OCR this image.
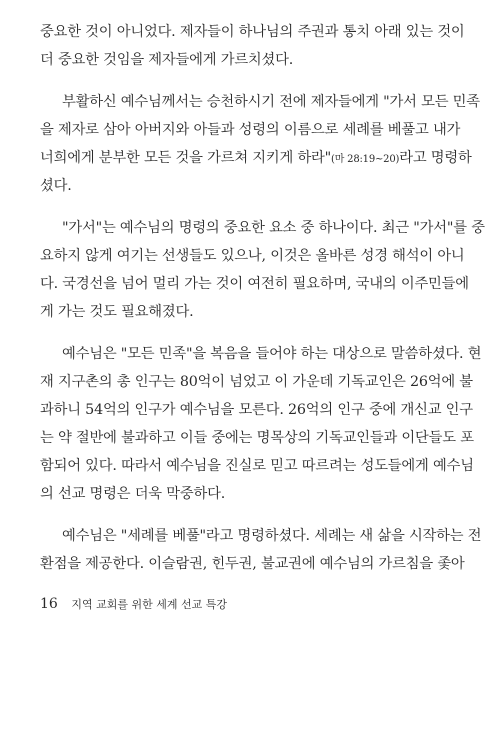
중요한 것이 아니었다. 제자들이 하나님의 주권과 통치 아래 있는 것이
더 중요한 것임을 제자들에게 가르치셨다.
부활하신 예수님께서는 승천하시기 전에 제자들에게 "가서 모든 민족
을 제자로 삼아 아버지와 아들과 성령의 이름으로 세례를 베풀고 내가
너희에게 분부한 모든 것을 가르쳐 지키게 하라"(마 28:19~20)라고 명령하
셨다.
"가서"는 예수님의 명령의 중요한 요소 중 하나이다. 최근 "가서"를 중
요하지 않게 여기는 선생들도 있으나, 이것은 올바른 성경 해석이 아니
다. 국경선을 넘어 멀리 가는 것이 여전히 필요하며, 국내의 이주민들에
게 가는 것도 필요해졌다.
예수님은 "모든 민족"을 복음을 들어야 하는 대상으로 말씀하셨다. 현
재 지구촌의 총 인구는 80억이 넘었고 이 가운데 기독교인은 26억에 불
과하니 54억의 인구가 예수님을 모른다. 26억의 인구 중에 개신교 인구
는 약 절반에 불과하고 이들 중에는 명목상의 기독교인들과 이단들도 포
함되어 있다. 따라서 예수님을 진실로 믿고 따르려는 성도들에게 예수님
의 선교 명령은 더욱 막중하다.
16 지역 교회를 위한 세계 선교 특강
예수님은 "세례를 베풀"라고 명령하셨다. 세례는 새 삶을 시작하는 전
환점을 제공한다. 이슬람권, 힌두권, 불교권에 예수님의 가르침을 좇아
